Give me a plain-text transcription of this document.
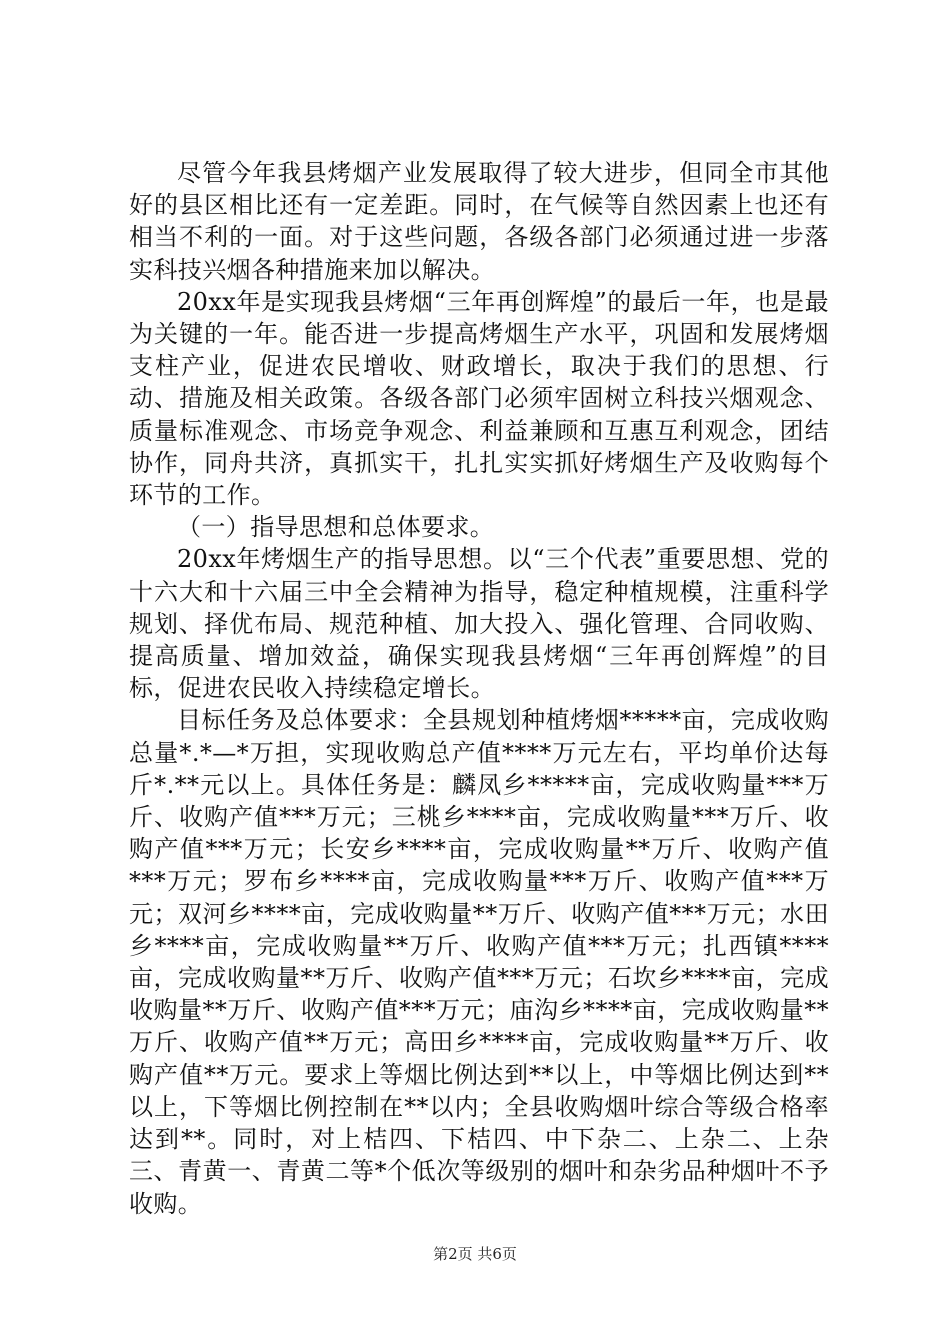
尽管今年我县烤烟产业发展取得了较大进步，但同全市其他好的县区相比还有一定差距。同时，在气候等自然因素上也还有相当不利的一面。对于这些问题，各级各部门必须通过进一步落实科技兴烟各种措施来加以解决。

20xx年是实现我县烤烟“三年再创辉煌”的最后一年，也是最为关键的一年。能否进一步提高烤烟生产水平，巩固和发展烤烟支柱产业，促进农民增收、财政增长，取决于我们的思想、行动、措施及相关政策。各级各部门必须牢固树立科技兴烟观念、质量标准观念、市场竞争观念、利益兼顾和互惠互利观念，团结协作，同舟共济，真抓实干，扎扎实实抓好烤烟生产及收购每个环节的工作。

（一）指导思想和总体要求。

20xx年烤烟生产的指导思想。以“三个代表”重要思想、党的十六大和十六届三中全会精神为指导，稳定种植规模，注重科学规划、择优布局、规范种植、加大投入、强化管理、合同收购、提高质量、增加效益，确保实现我县烤烟“三年再创辉煌”的目标，促进农民收入持续稳定增长。

目标任务及总体要求：全县规划种植烤烟*****亩，完成收购总量*.*—*万担，实现收购总产值****万元左右，平均单价达每斤*.**元以上。具体任务是：麟凤乡*****亩，完成收购量***万斤、收购产值***万元；三桃乡****亩，完成收购量***万斤、收购产值***万元；长安乡****亩，完成收购量**万斤、收购产值***万元；罗布乡****亩，完成收购量***万斤、收购产值***万元；双河乡****亩，完成收购量**万斤、收购产值***万元；水田乡****亩，完成收购量**万斤、收购产值***万元；扎西镇****亩，完成收购量**万斤、收购产值***万元；石坎乡****亩，完成收购量**万斤、收购产值***万元；庙沟乡****亩，完成收购量**万斤、收购产值**万元；高田乡****亩，完成收购量**万斤、收购产值**万元。要求上等烟比例达到**以上，中等烟比例达到**以上，下等烟比例控制在**以内；全县收购烟叶综合等级合格率达到**。同时，对上桔四、下桔四、中下杂二、上杂二、上杂三、青黄一、青黄二等*个低次等级别的烟叶和杂劣品种烟叶不予收购。

第2页 共6页
